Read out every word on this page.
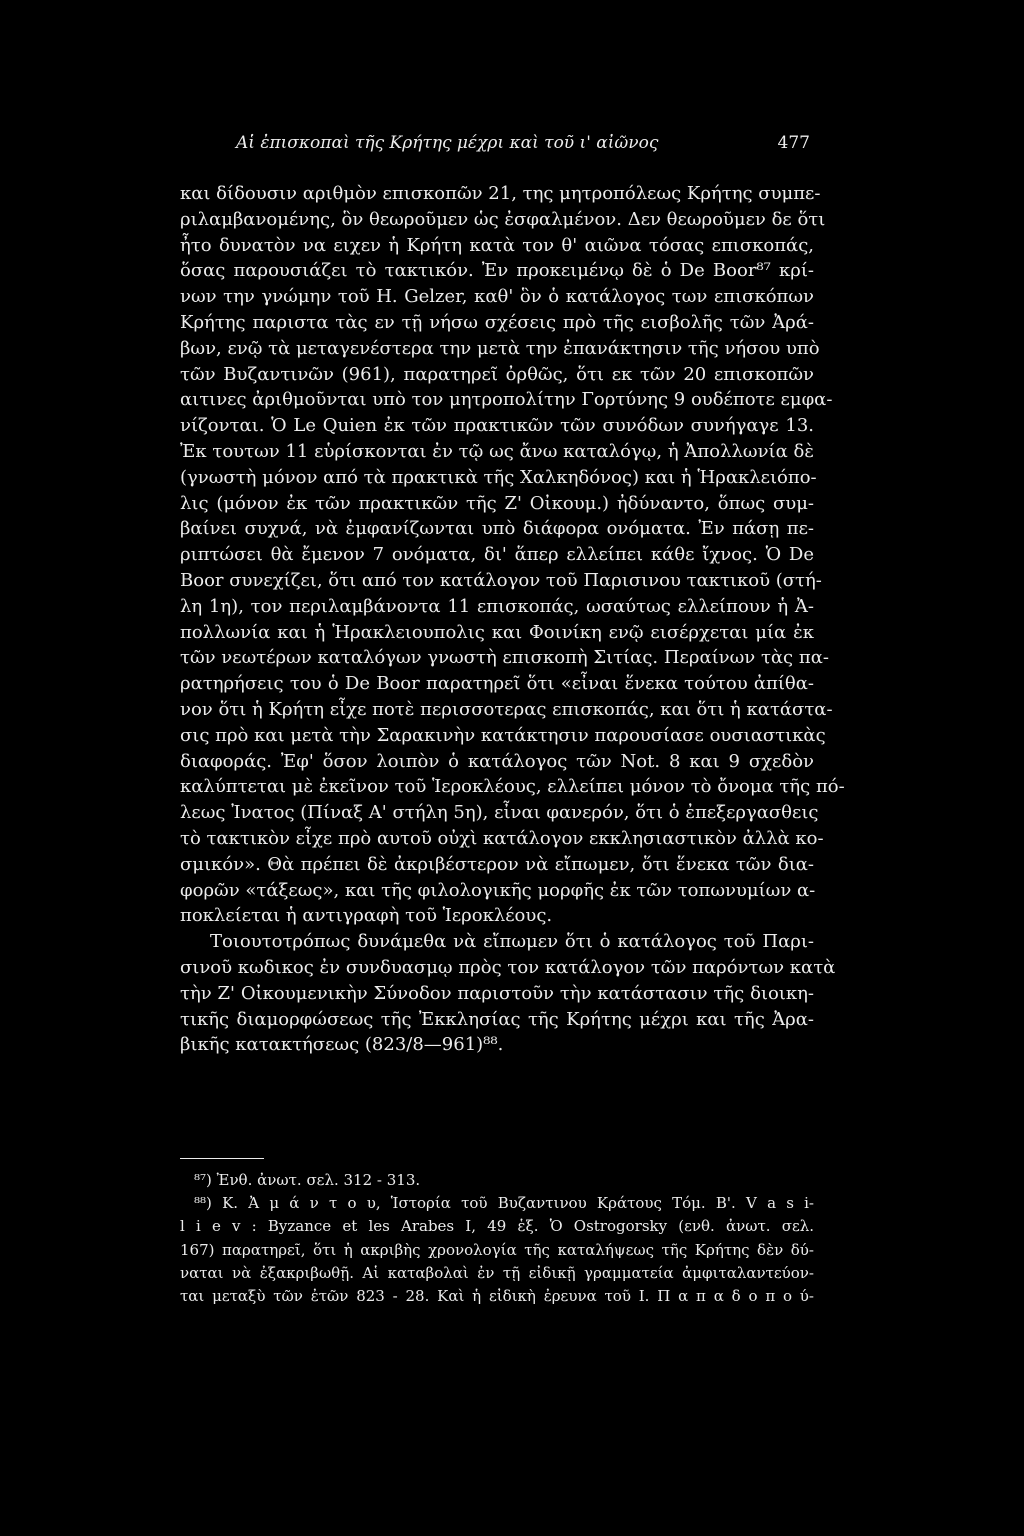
Αἱ ἐπισκοπαὶ τῆς Κρήτης μέχρι καὶ τοῦ ι' αἰῶνος	477
και δίδουσιν αριθμὸν επισκοπῶν 21, της μητροπόλεως Κρήτης συμπε-
ριλαμβανομένης, ὃν θεωροῦμεν ὡς ἐσφαλμένον. Δεν θεωροῦμεν δε ὅτι
ἦτο δυνατὸν να ειχεν ἡ Κρήτη κατὰ τον θ' αιῶνα τόσας επισκοπάς,
ὅσας παρουσιάζει τὸ τακτικόν. Ἐν προκειμένῳ δὲ ὁ De Boor⁸⁷ κρί-
νων την γνώμην τοῦ H. Gelzer, καθ' ὃν ὁ κατάλογος των επισκόπων
Κρήτης παριστα τὰς εν τῇ νήσω σχέσεις πρὸ τῆς εισβολῆς τῶν Ἀρά-
βων, ενῷ τὰ μεταγενέστερα την μετὰ την ἐπανάκτησιν τῆς νήσου υπὸ
τῶν Βυζαντινῶν (961), παρατηρεῖ ὀρθῶς, ὅτι εκ τῶν 20 επισκοπῶν
αιτινες ἀριθμοῦνται υπὸ τον μητροπολίτην Γορτύνης 9 ουδέποτε εμφα-
νίζονται. Ὁ Le Quien ἐκ τῶν πρακτικῶν τῶν συνόδων συνήγαγε 13.
Ἐκ τουτων 11 εὑρίσκονται ἐν τῷ ως ἄνω καταλόγῳ, ἡ Ἀπολλωνία δὲ
(γνωστὴ μόνον από τὰ πρακτικὰ τῆς Χαλκηδόνος) και ἡ Ἡρακλειόπο-
λις (μόνον ἐκ τῶν πρακτικῶν τῆς Ζ' Οἰκουμ.) ἠδύναντο, ὅπως συμ-
βαίνει συχνά, νὰ ἐμφανίζωνται υπὸ διάφορα ονόματα. Ἐν πάσῃ πε-
ριπτώσει θὰ ἔμενον 7 ονόματα, δι' ἅπερ ελλείπει κάθε ἴχνος. Ὁ De
Boor συνεχίζει, ὅτι από τον κατάλογον τοῦ Παρισινου τακτικοῦ (στή-
λη 1η), τον περιλαμβάνοντα 11 επισκοπάς, ωσαύτως ελλείπουν ἡ Ἀ-
πολλωνία και ἡ Ἡρακλειουπολις και Φοινίκη ενῷ εισέρχεται μία ἐκ
τῶν νεωτέρων καταλόγων γνωστὴ επισκοπὴ Σιτίας. Περαίνων τὰς πα-
ρατηρήσεις του ὁ De Boor παρατηρεῖ ὅτι «εἶναι ἕνεκα τούτου ἀπίθα-
νον ὅτι ἡ Κρήτη εἶχε ποτὲ περισσοτερας επισκοπάς, και ὅτι ἡ κατάστα-
σις πρὸ και μετὰ τὴν Σαρακινὴν κατάκτησιν παρουσίασε ουσιαστικὰς
διαφοράς. Ἐφ' ὅσον λοιπὸν ὁ κατάλογος τῶν Not. 8 και 9 σχεδὸν
καλύπτεται μὲ ἐκεῖνον τοῦ Ἱεροκλέους, ελλείπει μόνον τὸ ὄνομα τῆς πό-
λεως Ἰνατος (Πίναξ Α' στήλη 5η), εἶναι φανερόν, ὅτι ὁ ἐπεξεργασθεις
τὸ τακτικὸν εἶχε πρὸ αυτοῦ οὐχὶ κατάλογον εκκλησιαστικὸν ἀλλὰ κο-
σμικόν». Θὰ πρέπει δὲ ἀκριβέστερον νὰ εἴπωμεν, ὅτι ἕνεκα τῶν δια-
φορῶν «τάξεως», και τῆς φιλολογικῆς μορφῆς ἐκ τῶν τοπωνυμίων α-
ποκλείεται ἡ αντιγραφὴ τοῦ Ἱεροκλέους.
Τοιουτοτρόπως δυνάμεθα νὰ εἴπωμεν ὅτι ὁ κατάλογος τοῦ Παρι-
σινοῦ κωδικος ἐν συνδυασμῳ πρὸς τον κατάλογον τῶν παρόντων κατὰ
τὴν Ζ' Οἰκουμενικὴν Σύνοδον παριστοῦν τὴν κατάστασιν τῆς διοικη-
τικῆς διαμορφώσεως τῆς Ἐκκλησίας τῆς Κρήτης μέχρι και τῆς Ἀρα-
βικῆς κατακτήσεως (823/8—961)⁸⁸.
⁸⁷) Ἐνθ. ἀνωτ. σελ. 312 - 313.
⁸⁸) Κ. Ἀ μ ά ν τ ο υ, Ἱστορία τοῦ Βυζαντινου Κράτους Τόμ. Β'. V a s i-
l i e v : Byzance et les Arabes I, 49 ἑξ. Ὁ Ostrogorsky (ενθ. ἀνωτ. σελ.
167) παρατηρεῖ, ὅτι ἡ ακριβὴς χρονολογία τῆς καταλήψεως τῆς Κρήτης δὲν δύ-
ναται νὰ ἐξακριβωθῇ. Αἱ καταβολαὶ ἐν τῇ εἰδικῇ γραμματεία ἀμφιταλαντεύον-
ται μεταξὺ τῶν ἐτῶν 823 - 28. Καὶ ἡ εἰδικὴ ἐρευνα τοῦ Ι. Π α π α δ ο π ο ύ-
